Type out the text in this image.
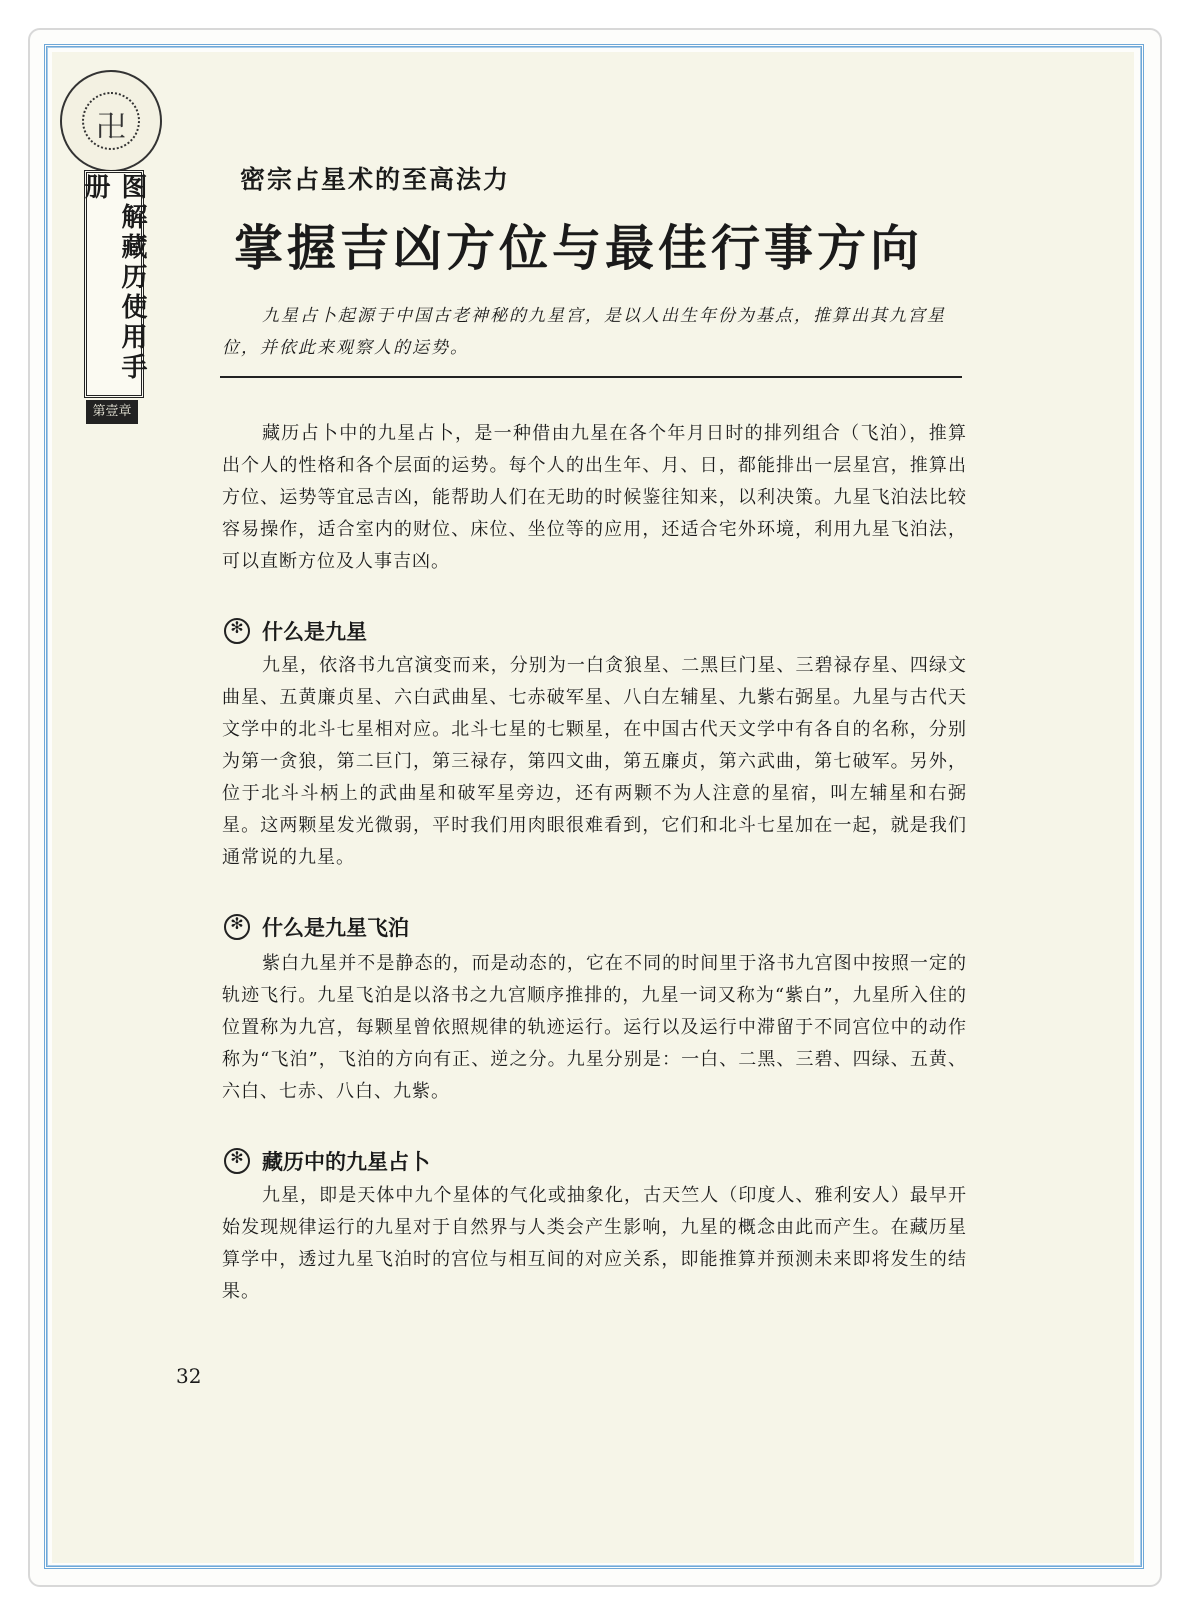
卍
图解藏历使用手册
第壹章
密宗占星术的至高法力
掌握吉凶方位与最佳行事方向
九星占卜起源于中国古老神秘的九星宫，是以人出生年份为基点，推算出其九宫星位，并依此来观察人的运势。
藏历占卜中的九星占卜，是一种借由九星在各个年月日时的排列组合（飞泊），推算出个人的性格和各个层面的运势。每个人的出生年、月、日，都能排出一层星宫，推算出方位、运势等宜忌吉凶，能帮助人们在无助的时候鉴往知来，以利决策。九星飞泊法比较容易操作，适合室内的财位、床位、坐位等的应用，还适合宅外环境，利用九星飞泊法，可以直断方位及人事吉凶。
✻
什么是九星
九星，依洛书九宫演变而来，分别为一白贪狼星、二黑巨门星、三碧禄存星、四绿文曲星、五黄廉贞星、六白武曲星、七赤破军星、八白左辅星、九紫右弼星。九星与古代天文学中的北斗七星相对应。北斗七星的七颗星，在中国古代天文学中有各自的名称，分别为第一贪狼，第二巨门，第三禄存，第四文曲，第五廉贞，第六武曲，第七破军。另外，位于北斗斗柄上的武曲星和破军星旁边，还有两颗不为人注意的星宿，叫左辅星和右弼星。这两颗星发光微弱，平时我们用肉眼很难看到，它们和北斗七星加在一起，就是我们通常说的九星。
✻
什么是九星飞泊
紫白九星并不是静态的，而是动态的，它在不同的时间里于洛书九宫图中按照一定的轨迹飞行。九星飞泊是以洛书之九宫顺序推排的，九星一词又称为“紫白”，九星所入住的位置称为九宫，每颗星曾依照规律的轨迹运行。运行以及运行中滞留于不同宫位中的动作称为“飞泊”，飞泊的方向有正、逆之分。九星分别是：一白、二黑、三碧、四绿、五黄、六白、七赤、八白、九紫。
✻
藏历中的九星占卜
九星，即是天体中九个星体的气化或抽象化，古天竺人（印度人、雅利安人）最早开始发现规律运行的九星对于自然界与人类会产生影响，九星的概念由此而产生。在藏历星算学中，透过九星飞泊时的宫位与相互间的对应关系，即能推算并预测未来即将发生的结果。
32
